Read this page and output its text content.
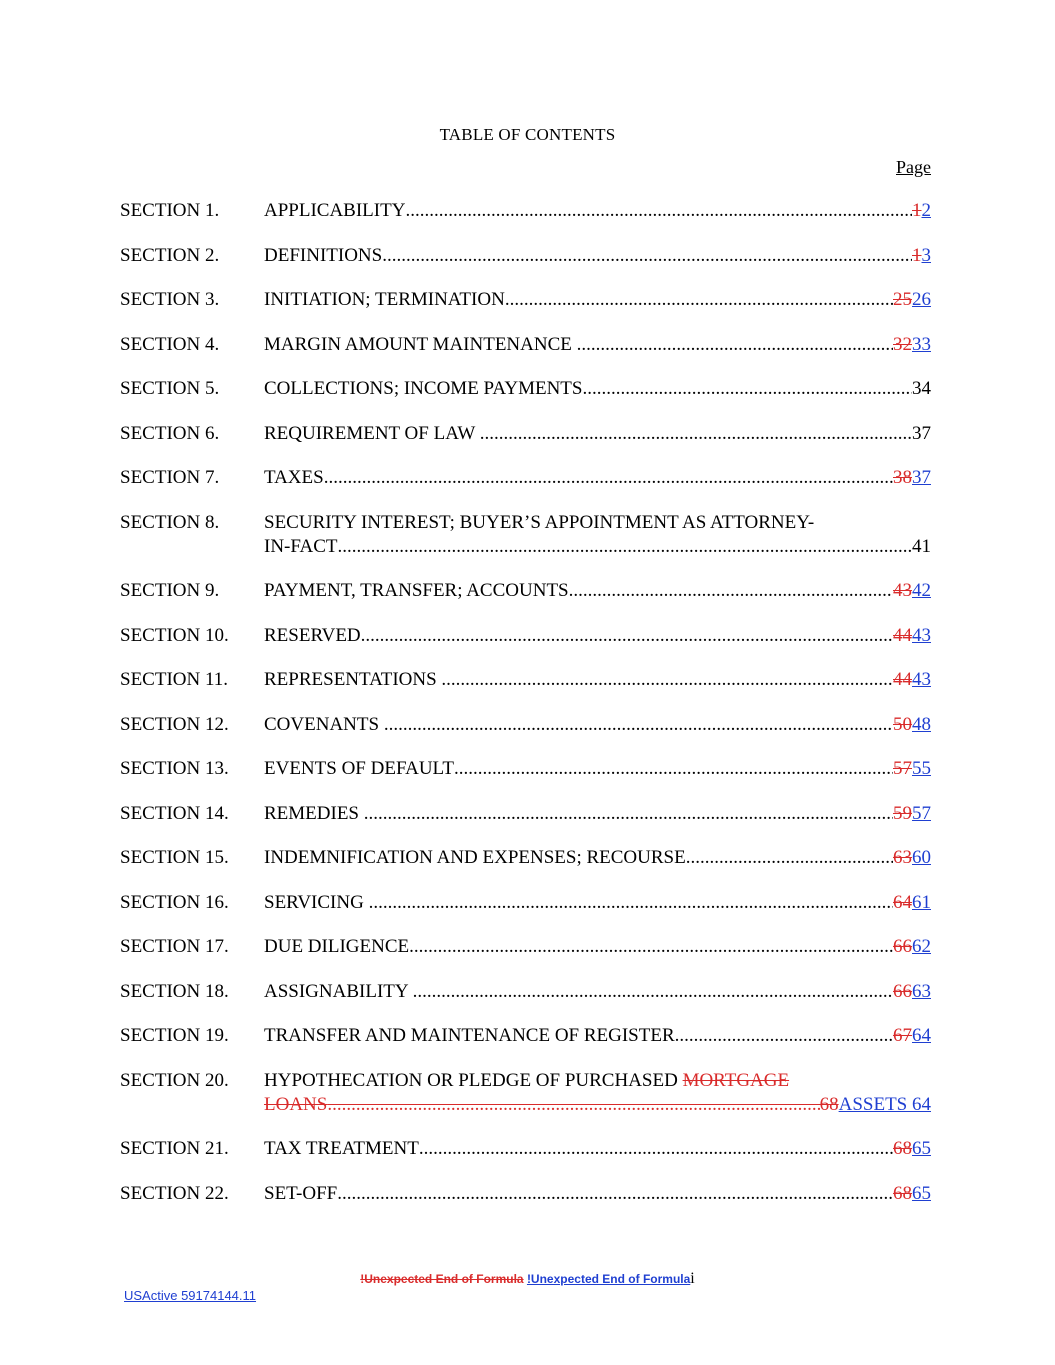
TABLE OF CONTENTS
Page
SECTION 1.	APPLICABILITY .....	12
SECTION 2.	DEFINITIONS .....	13
SECTION 3.	INITIATION; TERMINATION .....	2526
SECTION 4.	MARGIN AMOUNT MAINTENANCE .....	3233
SECTION 5.	COLLECTIONS; INCOME PAYMENTS .....	34
SECTION 6.	REQUIREMENT OF LAW .....	37
SECTION 7.	TAXES .....	3837
SECTION 8.	SECURITY INTEREST; BUYER’S APPOINTMENT AS ATTORNEY-
IN-FACT .....	41
SECTION 9.	PAYMENT, TRANSFER; ACCOUNTS .....	4342
SECTION 10.	RESERVED .....	4443
SECTION 11.	REPRESENTATIONS .....	4443
SECTION 12.	COVENANTS .....	5048
SECTION 13.	EVENTS OF DEFAULT .....	5755
SECTION 14.	REMEDIES .....	5957
SECTION 15.	INDEMNIFICATION AND EXPENSES; RECOURSE .....	6360
SECTION 16.	SERVICING .....	6461
SECTION 17.	DUE DILIGENCE .....	6662
SECTION 18.	ASSIGNABILITY .....	6663
SECTION 19.	TRANSFER AND MAINTENANCE OF REGISTER. .....	6764
SECTION 20.	HYPOTHECATION OR PLEDGE OF PURCHASED MORTGAGE
LOANS .....	68 ASSETS 64
SECTION 21.	TAX TREATMENT .....	6865
SECTION 22.	SET-OFF .....	6865
!Unexpected End of Formula !Unexpected End of Formulai
USActive 59174144.11
